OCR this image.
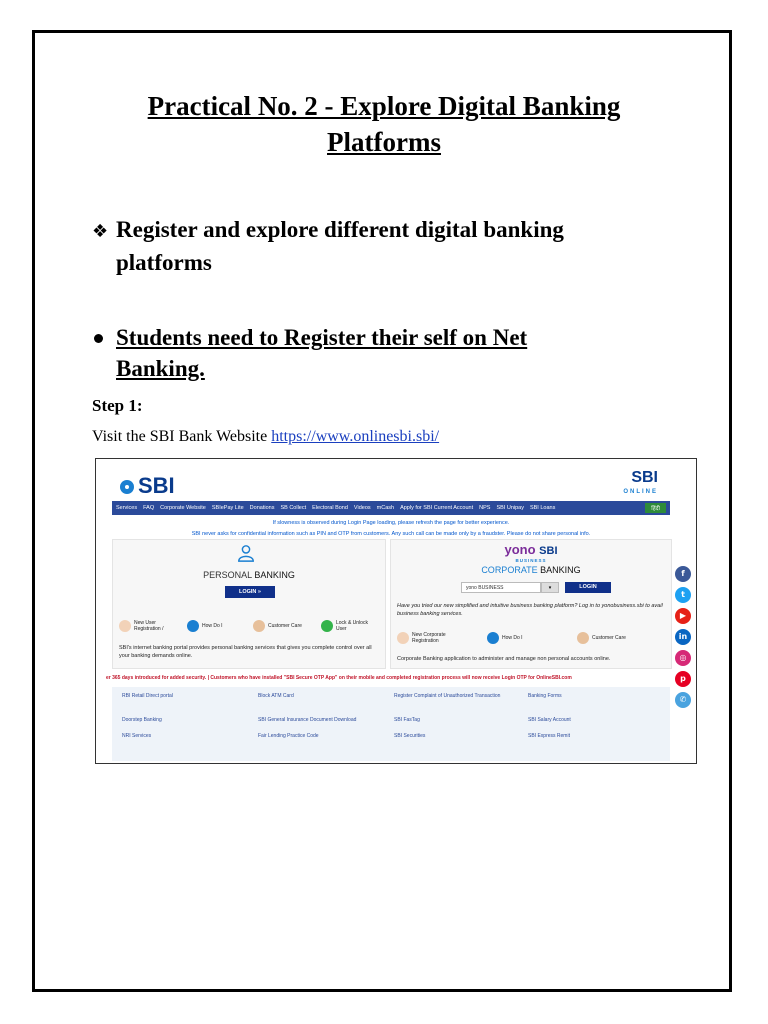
Practical No. 2 - Explore Digital Banking
Platforms
❖ Register and explore different digital banking
platforms
Students need to Register their self on Net
Banking.
Step 1:
Visit the SBI Bank Website https://www.onlinesbi.sbi/
SBI	SBI
ONLINE
Services FAQ Corporate Website SBIePay Lite Donations SB Collect Electoral Bond Videos mCash Apply for SBI Current Account NPS SBI Unipay SBI Loans	हिंदी
If slowness is observed during Login Page loading, please refresh the page for better experience.
SBI never asks for confidential information such as PIN and OTP from customers. Any such call can be made only by a fraudster. Please do not share personal info.
PERSONAL BANKING
LOGIN »
New User Registration /	How Do I	Customer Care	Lock & Unlock User
SBI's internet banking portal provides personal banking services that gives you complete control over all your banking demands online.
yono SBI
BUSINESS
CORPORATE BANKING
yono BUSINESS	▾	LOGIN
Have you tried our new simplified and intuitive business banking platform? Log in to yonobusiness.sbi to avail business banking services.
New Corporate Registration	How Do I	Customer Care
Corporate Banking application to administer and manage non personal accounts online.
er 365 days introduced for added security. | Customers who have installed "SBI Secure OTP App" on their mobile and completed registration process will now receive Login OTP for OnlineSBI.com
RBI Retail Direct portal	Block ATM Card	Register Complaint of Unauthorized Transaction	Banking Forms
Doorstep Banking	SBI General Insurance Document Download	SBI FasTag	SBI Salary Account
NRI Services	Fair Lending Practice Code	SBI Securities	SBI Express Remit
f
t
▶
in
◎
p
✆
